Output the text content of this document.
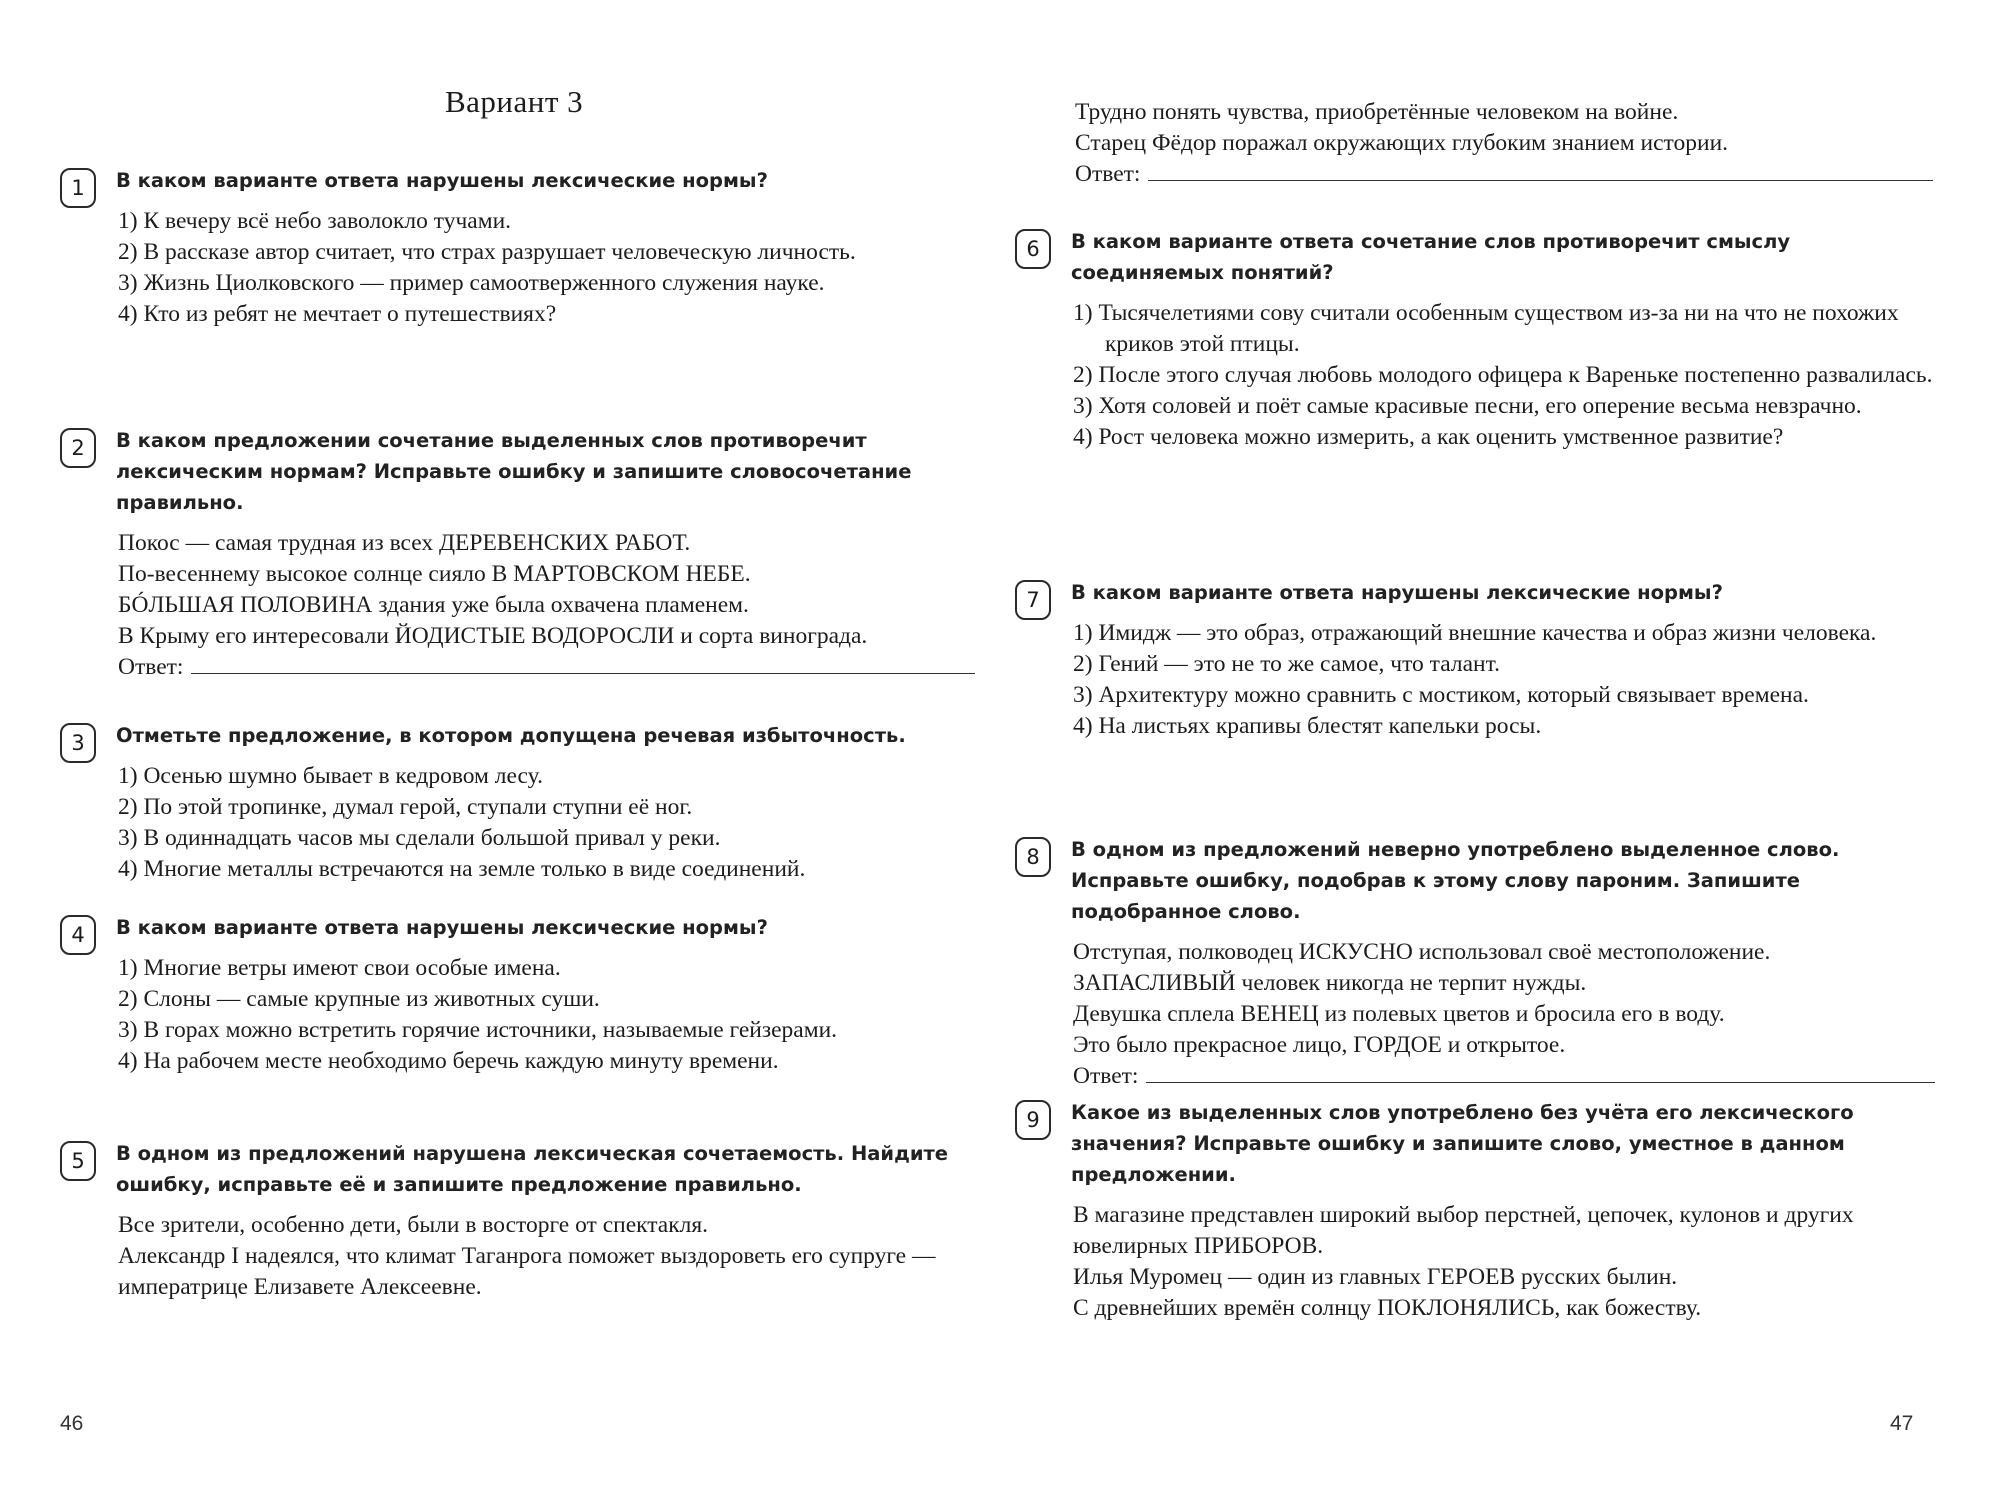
Вариант 3
1	В каком варианте ответа нарушены лексические нормы?
1) К вечеру всё небо заволокло тучами.
2) В рассказе автор считает, что страх разрушает человеческую личность.
3) Жизнь Циолковского — пример самоотверженного служения науке.
4) Кто из ребят не мечтает о путешествиях?
2	В каком предложении сочетание выделенных слов противоречит лексическим нормам? Исправьте ошибку и запишите словосочетание правильно.
Покос — самая трудная из всех ДЕРЕВЕНСКИХ РАБОТ.
По-весеннему высокое солнце сияло В МАРТОВСКОМ НЕБЕ.
БÓЛЬШАЯ ПОЛОВИНА здания уже была охвачена пламенем.
В Крыму его интересовали ЙОДИСТЫЕ ВОДОРОСЛИ и сорта винограда.
Ответ:
3	Отметьте предложение, в котором допущена речевая избыточность.
1) Осенью шумно бывает в кедровом лесу.
2) По этой тропинке, думал герой, ступали ступни её ног.
3) В одиннадцать часов мы сделали большой привал у реки.
4) Многие металлы встречаются на земле только в виде соединений.
4	В каком варианте ответа нарушены лексические нормы?
1) Многие ветры имеют свои особые имена.
2) Слоны — самые крупные из животных суши.
3) В горах можно встретить горячие источники, называемые гейзерами.
4) На рабочем месте необходимо беречь каждую минуту времени.
5	В одном из предложений нарушена лексическая сочетаемость. Найдите ошибку, исправьте её и запишите предложение правильно.
Все зрители, особенно дети, были в восторге от спектакля.
Александр I надеялся, что климат Таганрога поможет выздороветь его супруге — императрице Елизавете Алексеевне.
46
Трудно понять чувства, приобретённые человеком на войне.
Старец Фёдор поражал окружающих глубоким знанием истории.
Ответ:
6	В каком варианте ответа сочетание слов противоречит смыслу соединяемых понятий?
1) Тысячелетиями сову считали особенным существом из-за ни на что не похожих криков этой птицы.
2) После этого случая любовь молодого офицера к Вареньке постепенно развалилась.
3) Хотя соловей и поёт самые красивые песни, его оперение весьма невзрачно.
4) Рост человека можно измерить, а как оценить умственное развитие?
7	В каком варианте ответа нарушены лексические нормы?
1) Имидж — это образ, отражающий внешние качества и образ жизни человека.
2) Гений — это не то же самое, что талант.
3) Архитектуру можно сравнить с мостиком, который связывает времена.
4) На листьях крапивы блестят капельки росы.
8	В одном из предложений неверно употреблено выделенное слово. Исправьте ошибку, подобрав к этому слову пароним. Запишите подобранное слово.
Отступая, полководец ИСКУСНО использовал своё местоположение.
ЗАПАСЛИВЫЙ человек никогда не терпит нужды.
Девушка сплела ВЕНЕЦ из полевых цветов и бросила его в воду.
Это было прекрасное лицо, ГОРДОЕ и открытое.
Ответ:
9	Какое из выделенных слов употреблено без учёта его лексического значения? Исправьте ошибку и запишите слово, уместное в данном предложении.
В магазине представлен широкий выбор перстней, цепочек, кулонов и других ювелирных ПРИБОРОВ.
Илья Муромец — один из главных ГЕРОЕВ русских былин.
С древнейших времён солнцу ПОКЛОНЯЛИСЬ, как божеству.
47
